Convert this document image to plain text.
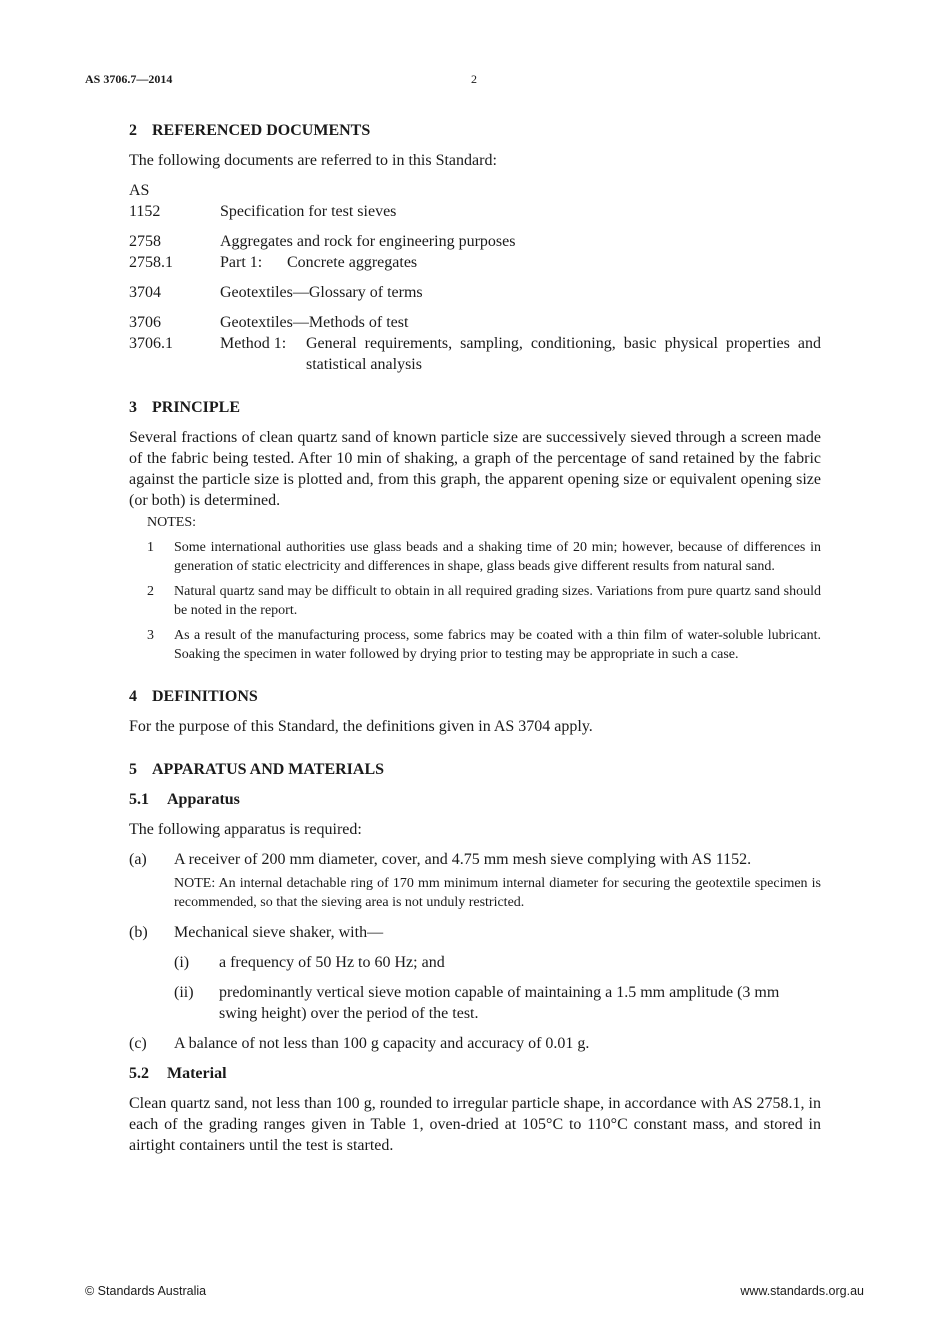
AS 3706.7—2014	2
2 REFERENCED DOCUMENTS

The following documents are referred to in this Standard:

AS
1152	Specification for test sieves
2758	Aggregates and rock for engineering purposes
2758.1	Part 1:	Concrete aggregates
3704	Geotextiles—Glossary of terms
3706	Geotextiles—Methods of test
3706.1	Method 1:	General requirements, sampling, conditioning, basic physical properties and statistical analysis
3 PRINCIPLE

Several fractions of clean quartz sand of known particle size are successively sieved through a screen made of the fabric being tested. After 10 min of shaking, a graph of the percentage of sand retained by the fabric against the particle size is plotted and, from this graph, the apparent opening size or equivalent opening size (or both) is determined.

NOTES:
1	Some international authorities use glass beads and a shaking time of 20 min; however, because of differences in generation of static electricity and differences in shape, glass beads give different results from natural sand.
2	Natural quartz sand may be difficult to obtain in all required grading sizes. Variations from pure quartz sand should be noted in the report.
3	As a result of the manufacturing process, some fabrics may be coated with a thin film of water-soluble lubricant. Soaking the specimen in water followed by drying prior to testing may be appropriate in such a case.
4 DEFINITIONS

For the purpose of this Standard, the definitions given in AS 3704 apply.

5 APPARATUS AND MATERIALS
5.1 Apparatus

The following apparatus is required:

(a)	A receiver of 200 mm diameter, cover, and 4.75 mm mesh sieve complying with AS 1152.
NOTE: An internal detachable ring of 170 mm minimum internal diameter for securing the geotextile specimen is recommended, so that the sieving area is not unduly restricted.
(b)	Mechanical sieve shaker, with—
(i)	a frequency of 50 Hz to 60 Hz; and
(ii)	predominantly vertical sieve motion capable of maintaining a 1.5 mm amplitude (3 mm swing height) over the period of the test.
(c)	A balance of not less than 100 g capacity and accuracy of 0.01 g.
5.2 Material

Clean quartz sand, not less than 100 g, rounded to irregular particle shape, in accordance with AS 2758.1, in each of the grading ranges given in Table 1, oven-dried at 105°C to 110°C constant mass, and stored in airtight containers until the test is started.

© Standards Australia	www.standards.org.au
